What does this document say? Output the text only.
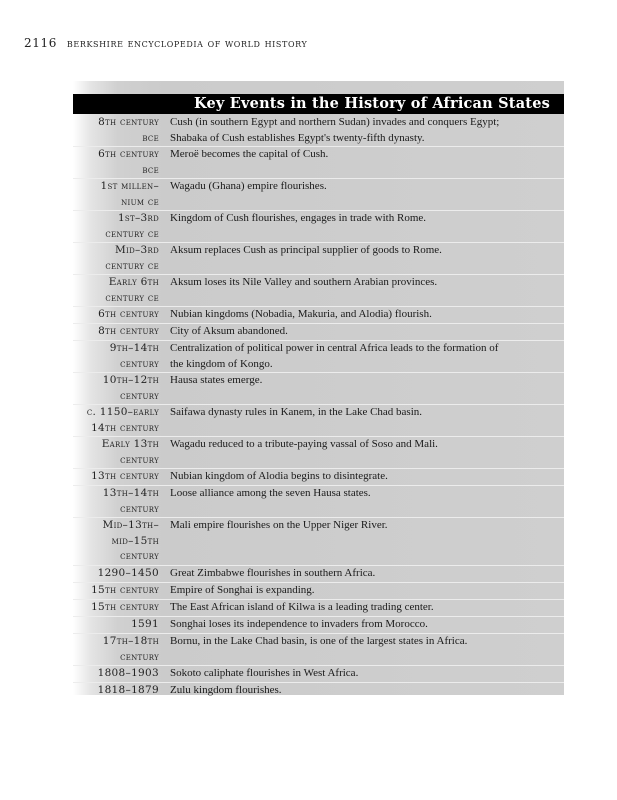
2116 berkshire encyclopedia of world history
Key Events in the History of African States
8th century
bce
Cush (in southern Egypt and northern Sudan) invades and conquers Egypt;
Shabaka of Cush establishes Egypt's twenty-fifth dynasty.
6th century
bce
Meroë becomes the capital of Cush.
1st millen–
nium ce
Wagadu (Ghana) empire flourishes.
1st–3rd
century ce
Kingdom of Cush flourishes, engages in trade with Rome.
Mid–3rd
century ce
Aksum replaces Cush as principal supplier of goods to Rome.
Early 6th
century ce
Aksum loses its Nile Valley and southern Arabian provinces.
6th century Nubian kingdoms (Nobadia, Makuria, and Alodia) flourish.
8th century City of Aksum abandoned.
9th–14th
century
Centralization of political power in central Africa leads to the formation of
the kingdom of Kongo.
10th–12th
century
Hausa states emerge.
c. 1150–early
14th century
Saifawa dynasty rules in Kanem, in the Lake Chad basin.
Early 13th
century
Wagadu reduced to a tribute-paying vassal of Soso and Mali.
13th century Nubian kingdom of Alodia begins to disintegrate.
13th–14th
century
Loose alliance among the seven Hausa states.
Mid–13th–
mid–15th
century
Mali empire flourishes on the Upper Niger River.
1290–1450 Great Zimbabwe flourishes in southern Africa.
15th century Empire of Songhai is expanding.
15th century The East African island of Kilwa is a leading trading center.
1591 Songhai loses its independence to invaders from Morocco.
17th–18th
century
Bornu, in the Lake Chad basin, is one of the largest states in Africa.
1808–1903 Sokoto caliphate flourishes in West Africa.
1818–1879 Zulu kingdom flourishes.
